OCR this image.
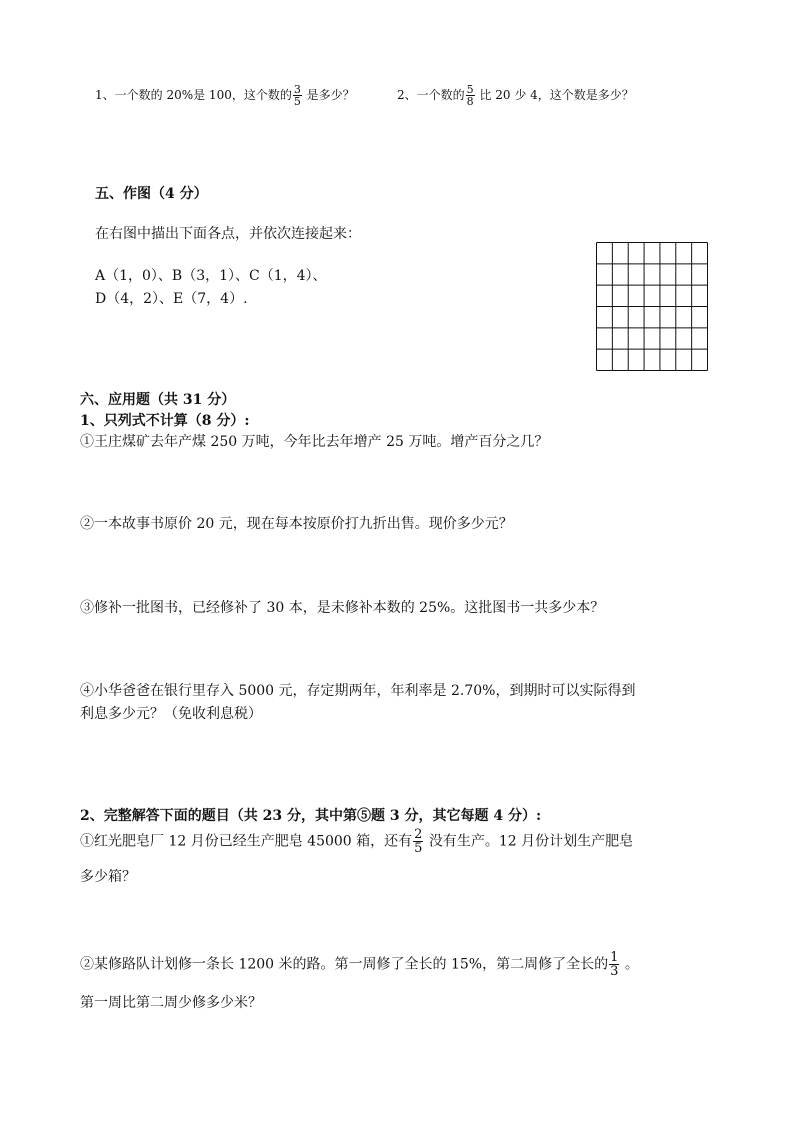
1、一个数的 20%是 100，这个数的 $\frac{3}{5}$ 是多少？	2、一个数的 $\frac{5}{8}$ 比 20 少 4，这个数是多少？
五、作图（4 分）
在右图中描出下面各点，并依次连接起来：
A（1，0）、B（3，1）、C（1，4）、
D（4，2）、E（7，4）.
六、应用题（共 31 分）
1、只列式不计算（8 分）:
①王庄煤矿去年产煤 250 万吨，今年比去年增产 25 万吨。增产百分之几？
②一本故事书原价 20 元，现在每本按原价打九折出售。现价多少元？
③修补一批图书，已经修补了 30 本，是未修补本数的 25%。这批图书一共多少本？
④小华爸爸在银行里存入 5000 元，存定期两年，年利率是 2.70%，到期时可以实际得到
利息多少元？（免收利息税）
2、完整解答下面的题目（共 23 分，其中第⑤题 3 分，其它每题 4 分）:
①红光肥皂厂 12 月份已经生产肥皂 45000 箱，还有 $\frac{2}{5}$ 没有生产。12 月份计划生产肥皂
多少箱？
②某修路队计划修一条长 1200 米的路。第一周修了全长的 15%，第二周修了全长的 $\frac{1}{3}$ 。
第一周比第二周少修多少米？
